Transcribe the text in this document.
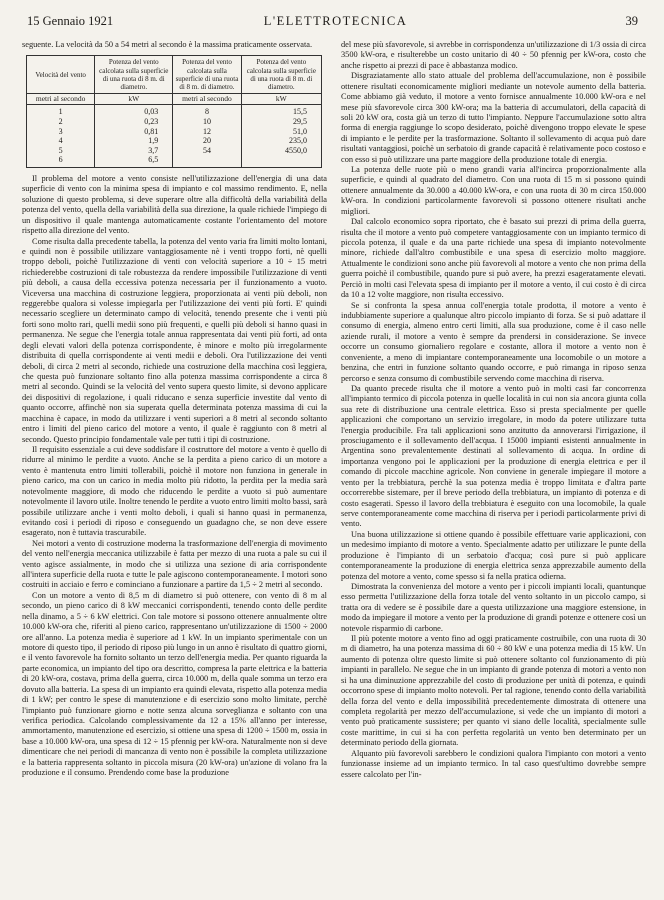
15 Gennaio 1921	L'ELETTROTECNICA	39

seguente. La velocità da 50 a 54 metri al secondo è la massima praticamente osservata.

Velocità del vento	Potenza del vento calcolata sulla superficie di una ruota di 8 m. di diametro.	Potenza del vento calcolata sulla superficie di una ruota di 8 m. di diametro.	Potenza del vento calcolata sulla superficie di una ruota di 8 m. di diametro.
metri al secondo	kW	metri al secondo	kW
1	0,03	8	15,5
2	0,23	10	29,5
3	0,81	12	51,0
4	1,9	20	235,0
5	3,7	54	4550,0
6	6,5		

Il problema del motore a vento consiste nell'utilizzazione dell'energia di una data superficie di vento con la minima spesa di impianto e col massimo rendimento. E, nella soluzione di questo problema, si deve superare oltre alla difficoltà della variabilità della potenza del vento, quella della variabilità della sua direzione, la quale richiede l'impiego di un dispositivo il quale mantenga automaticamente costante l'orientamento del motore rispetto alla direzione del vento.

Come risulta dalla precedente tabella, la potenza del vento varia fra limiti molto lontani, e quindi non è possibile utilizzare vantaggiosamente nè i venti troppo forti, nè quelli troppo deboli, poichè l'utilizzazione di venti con velocità superiore a 10 ÷ 15 metri richiederebbe costruzioni di tale robustezza da rendere impossibile l'utilizzazione di venti più deboli, a causa della eccessiva potenza necessaria per il funzionamento a vuoto. Viceversa una macchina di costruzione leggiera, proporzionata ai venti più deboli, non reggerebbe qualora si volesse impiegarla per l'utilizzazione dei venti più forti. E' quindi necessario scegliere un determinato campo di velocità, tenendo presente che i venti più forti sono molto rari, quelli medii sono più frequenti, e quelli più deboli si hanno quasi in permanenza. Ne segue che l'energia totale annua rappresentata dai venti più forti, ad onta degli elevati valori della potenza corrispondente, è minore e molto più irregolarmente distribuita di quella corrispondente ai venti medii e deboli. Ora l'utilizzazione dei venti deboli, di circa 2 metri al secondo, richiede una costruzione della macchina così leggiera, che questa può funzionare soltanto fino alla potenza massima corrispondente a circa 8 metri al secondo. Quindi se la velocità del vento supera questo limite, si devono applicare dei dispositivi di regolazione, i quali riducano e senza superficie investite dal vento di quanto occorre, affinchè non sia superata quella determinata potenza massima di cui la macchina è capace, in modo da utilizzare i venti superiori a 8 metri al secondo soltanto entro i limiti del pieno carico del motore a vento, il quale è raggiunto con 8 metri al secondo. Questo principio fondamentale vale per tutti i tipi di costruzione.

Il requisito essenziale a cui deve soddisfare il costruttore del motore a vento è quello di ridurre al minimo le perdite a vuoto. Anche se la perdita a pieno carico di un motore a vento è mantenuta entro limiti tollerabili, poichè il motore non funziona in generale in pieno carico, ma con un carico in media molto più ridotto, la perdita per la media sarà notevolmente maggiore, di modo che riducendo le perdite a vuoto si può aumentare notevolmente il lavoro utile. Inoltre tenendo le perdite a vuoto entro limiti molto bassi, sarà possibile utilizzare anche i venti molto deboli, i quali si hanno quasi in permanenza, evitando così i periodi di riposo e conseguendo un guadagno che, se non deve essere esagerato, non è tuttavia trascurabile.

Nei motori a vento di costruzione moderna la trasformazione dell'energia di movimento del vento nell'energia meccanica utilizzabile è fatta per mezzo di una ruota a pale su cui il vento agisce assialmente, in modo che si utilizza una sezione di aria corrispondente all'intera superficie della ruota e tutte le pale agiscono contemporaneamente. I motori sono costruiti in acciaio e ferro e cominciano a funzionare a partire da 1,5 ÷ 2 metri al secondo.

Con un motore a vento di 8,5 m di diametro si può ottenere, con vento di 8 m al secondo, un pieno carico di 8 kW meccanici corrispondenti, tenendo conto delle perdite nella dinamo, a 5 ÷ 6 kW elettrici. Con tale motore si possono ottenere annualmente oltre 10.000 kW-ora che, riferiti al pieno carico, rappresentano un'utilizzazione di 1500 ÷ 2000 ore all'anno. La potenza media è superiore ad 1 kW. In un impianto sperimentale con un motore di questo tipo, il periodo di riposo più lungo in un anno è risultato di quattro giorni, e il vento favorevole ha fornito soltanto un terzo dell'energia media. Per quanto riguarda la parte economica, un impianto del tipo ora descritto, compresa la parte elettrica e la batteria di 20 kW-ora, costava, prima della guerra, circa 10.000 m, della quale somma un terzo era dovuto alla batteria. La spesa di un impianto era quindi elevata, rispetto alla potenza media di 1 kW; per contro le spese di manutenzione e di esercizio sono molto limitate, perchè l'impianto può funzionare giorno e notte senza alcuna sorveglianza e soltanto con una verifica periodica. Calcolando complessivamente da 12 a 15% all'anno per interesse, ammortamento, manutenzione ed esercizio, si ottiene una spesa di 1200 ÷ 1500 m, ossia in base a 10.000 kW-ora, una spesa di 12 ÷ 15 pfennig per kW-ora. Naturalmente non si deve dimenticare che nei periodi di mancanza di vento non è possibile la completa utilizzazione e la batteria rappresenta soltanto in piccola misura (20 kW-ora) un'azione di volano fra la produzione e il consumo. Prendendo come base la produzione

del mese più sfavorevole, si avrebbe in corrispondenza un'utilizzazione di 1/3 ossia di circa 3500 kW-ora, e risulterebbe un costo unitario di 40 ÷ 50 pfennig per kW-ora, costo che anche rispetto ai prezzi di pace è abbastanza modico.

Disgraziatamente allo stato attuale del problema dell'accumulazione, non è possibile ottenere risultati economicamente migliori mediante un notevole aumento della batteria. Come abbiamo già veduto, il motore a vento fornisce annualmente 10.000 kW-ora e nel mese più sfavorevole circa 300 kW-ora; ma la batteria di accumulatori, della capacità di soli 20 kW ora, costa già un terzo di tutto l'impianto. Neppure l'accumulazione sotto altra forma di energia raggiunge lo scopo desiderato, poichè divengono troppo elevate le spese di impianto e le perdite per la trasformazione. Soltanto il sollevamento di acqua può dare risultati vantaggiosi, poichè un serbatoio di grande capacità è relativamente poco costoso e con esso si può utilizzare una parte maggiore della produzione totale di energia.

La potenza delle ruote più o meno grandi varia all'incirca proporzionalmente alla superficie, e quindi al quadrato del diametro. Con una ruota di 15 m si possono quindi ottenere annualmente da 30.000 a 40.000 kW-ora, e con una ruota di 30 m circa 150.000 kW-ora. In condizioni particolarmente favorevoli si possono ottenere risultati anche migliori.

Dal calcolo economico sopra riportato, che è basato sui prezzi di prima della guerra, risulta che il motore a vento può competere vantaggiosamente con un impianto termico di piccola potenza, il quale e da una parte richiede una spesa di impianto notevolmente minore, richiede dall'altro combustibile e una spesa di esercizio molto maggiore. Attualmente le condizioni sono anche più favorevoli al motore a vento che non prima della guerra poichè il combustibile, quando pure si può avere, ha prezzi esageratamente elevati. Perciò in molti casi l'elevata spesa di impianto per il motore a vento, il cui costo è di circa da 10 a 12 volte maggiore, non risulta eccessivo.

Se si confronta la spesa annua coll'energia totale prodotta, il motore a vento è indubbiamente superiore a qualunque altro piccolo impianto di forza. Se si può adattare il consumo di energia, almeno entro certi limiti, alla sua produzione, come è il caso nelle aziende rurali, il motore a vento è sempre da prendersi in considerazione. Se invece occorre un consumo giornaliero regolare e costante, allora il motore a vento non è conveniente, a meno di impiantare contemporaneamente una locomobile o un motore a benzina, che entri in funzione soltanto quando occorre, e può rimanga in riposo senza percorso e senza consumo di combustibile servendo come macchina di riserva.

Da quanto precede risulta che il motore a vento può in molti casi far concorrenza all'impianto termico di piccola potenza in quelle località in cui non sia ancora giunta colla sua rete di distribuzione una centrale elettrica. Esso si presta specialmente per quelle applicazioni che comportano un servizio irregolare, in modo da potere utilizzare tutta l'energia producibile. Fra tali applicazioni sono anzitutto da annoverarsi l'irrigazione, il prosciugamento e il sollevamento dell'acqua. I 15000 impianti esistenti annualmente in Argentina sono prevalentemente destinati al sollevamento di acqua. In ordine di importanza vengono poi le applicazioni per la produzione di energia elettrica e per il comando di piccole macchine agricole. Non conviene in generale impiegare il motore a vento per la trebbiatura, perchè la sua potenza media è troppo limitata e d'altra parte occorrerebbe sistemare, per il breve periodo della trebbiatura, un impianto di potenza e di costo esagerati. Spesso il lavoro della trebbiatura è eseguito con una locomobile, la quale serve contemporaneamente come macchina di riserva per i periodi particolarmente privi di vento.

Una buona utilizzazione si ottiene quando è possibile effettuare varie applicazioni, con un medesimo impianto di motore a vento. Specialmente adatto per utilizzare le punte della produzione è l'impianto di un serbatoio d'acqua; così pure si può applicare contemporaneamente la produzione di energia elettrica senza apprezzabile aumento della potenza del motore a vento, come spesso si fa nella pratica odierna.

Dimostrata la convenienza del motore a vento per i piccoli impianti locali, quantunque esso permetta l'utilizzazione della forza totale del vento soltanto in un piccolo campo, si tratta ora di vedere se è possibile dare a questa utilizzazione una maggiore estensione, in modo da impiegare il motore a vento per la produzione di grandi potenze e ottenere così un notevole risparmio di carbone.

Il più potente motore a vento fino ad oggi praticamente costruibile, con una ruota di 30 m di diametro, ha una potenza massima di 60 ÷ 80 kW e una potenza media di 15 kW. Un aumento di potenza oltre questo limite si può ottenere soltanto col funzionamento di più impianti in parallelo. Ne segue che in un impianto di grande potenza di motori a vento non si ha una diminuzione apprezzabile del costo di produzione per unità di potenza, e quindi occorrono spese di impianto molto notevoli. Per tal ragione, tenendo conto della variabilità della forza del vento e della impossibilità precedentemente dimostrata di ottenere una completa regolarità per mezzo dell'accumulazione, si vede che un impianto di motori a vento può praticamente sussistere; per quanto vi siano delle località, specialmente sulle coste marittime, in cui si ha con perfetta regolarità un vento ben determinato per un determinato periodo della giornata.

Alquanto più favorevoli sarebbero le condizioni qualora l'impianto con motori a vento funzionasse insieme ad un impianto termico. In tal caso quest'ultimo dovrebbe sempre essere calcolato per l'in-
